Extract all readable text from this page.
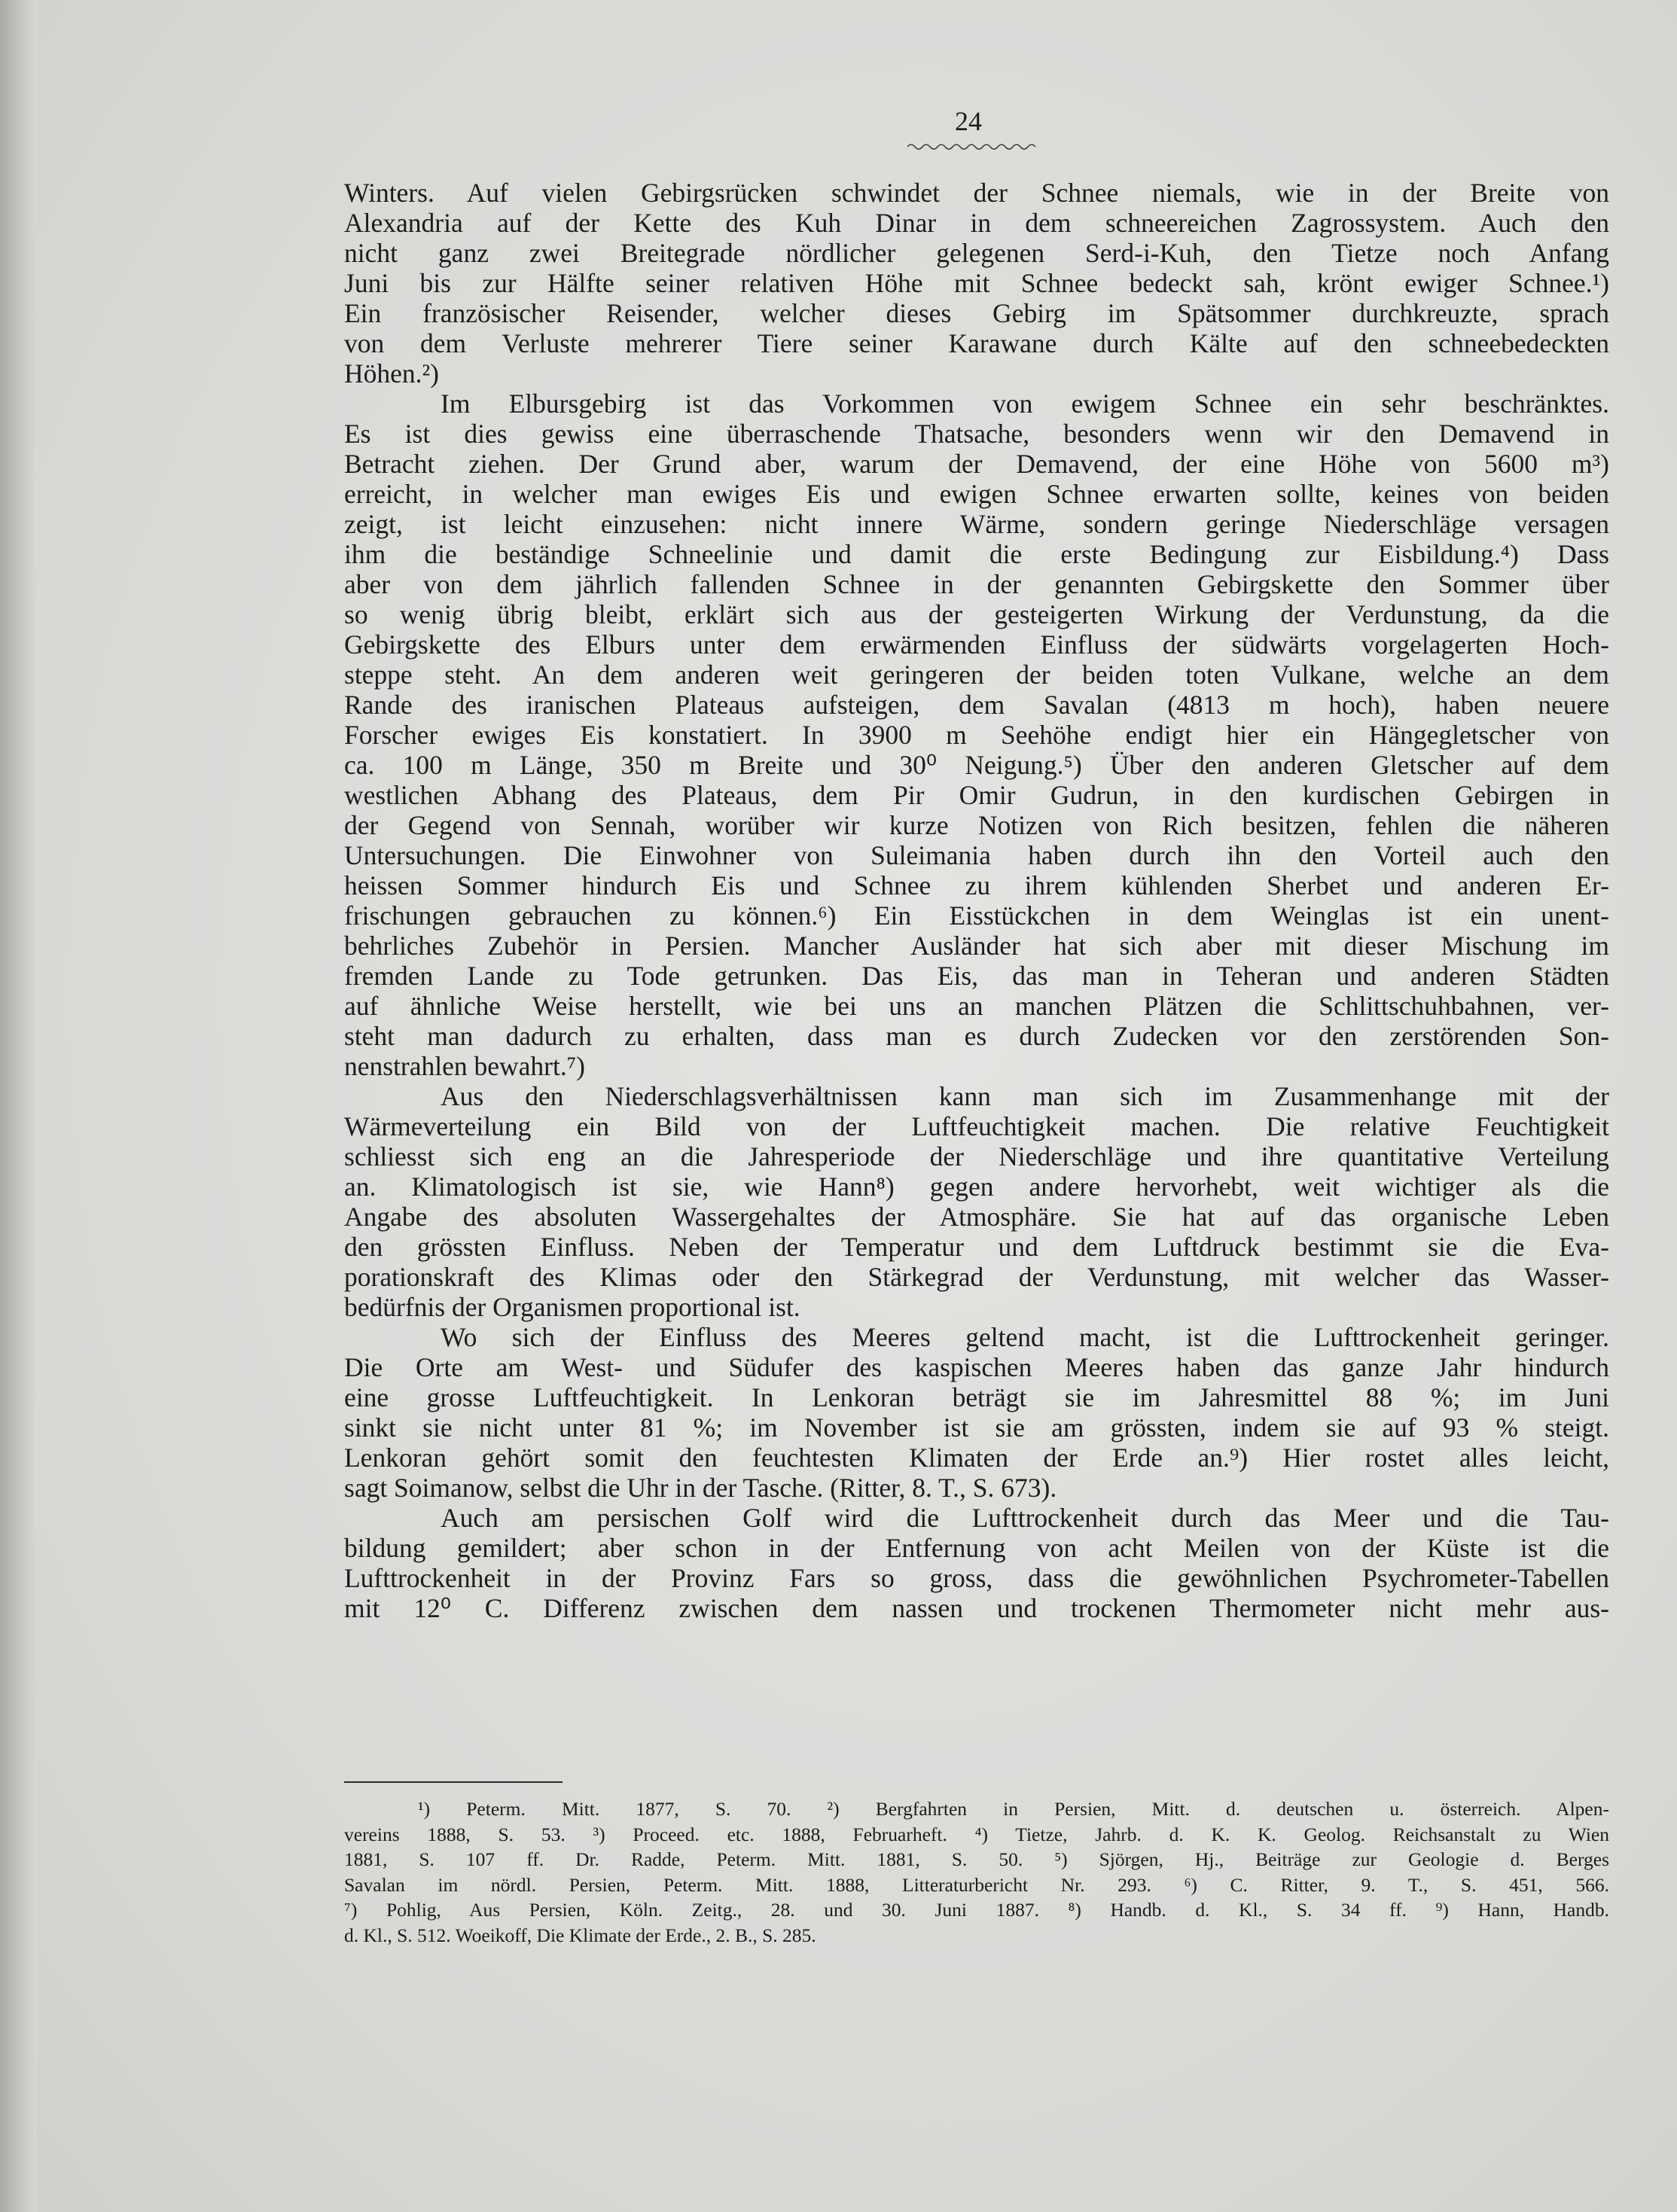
24
Winters. Auf vielen Gebirgsrücken schwindet der Schnee niemals, wie in der Breite von
Alexandria auf der Kette des Kuh Dinar in dem schneereichen Zagrossystem. Auch den
nicht ganz zwei Breitegrade nördlicher gelegenen Serd-i-Kuh, den Tietze noch Anfang
Juni bis zur Hälfte seiner relativen Höhe mit Schnee bedeckt sah, krönt ewiger Schnee.¹)
Ein französischer Reisender, welcher dieses Gebirg im Spätsommer durchkreuzte, sprach
von dem Verluste mehrerer Tiere seiner Karawane durch Kälte auf den schneebedeckten
Höhen.²)
Im Elbursgebirg ist das Vorkommen von ewigem Schnee ein sehr beschränktes.
Es ist dies gewiss eine überraschende Thatsache, besonders wenn wir den Demavend in
Betracht ziehen. Der Grund aber, warum der Demavend, der eine Höhe von 5600 m³)
erreicht, in welcher man ewiges Eis und ewigen Schnee erwarten sollte, keines von beiden
zeigt, ist leicht einzusehen: nicht innere Wärme, sondern geringe Niederschläge versagen
ihm die beständige Schneelinie und damit die erste Bedingung zur Eisbildung.⁴) Dass
aber von dem jährlich fallenden Schnee in der genannten Gebirgskette den Sommer über
so wenig übrig bleibt, erklärt sich aus der gesteigerten Wirkung der Verdunstung, da die
Gebirgskette des Elburs unter dem erwärmenden Einfluss der südwärts vorgelagerten Hoch-
steppe steht. An dem anderen weit geringeren der beiden toten Vulkane, welche an dem
Rande des iranischen Plateaus aufsteigen, dem Savalan (4813 m hoch), haben neuere
Forscher ewiges Eis konstatiert. In 3900 m Seehöhe endigt hier ein Hängegletscher von
ca. 100 m Länge, 350 m Breite und 30⁰ Neigung.⁵) Über den anderen Gletscher auf dem
westlichen Abhang des Plateaus, dem Pir Omir Gudrun, in den kurdischen Gebirgen in
der Gegend von Sennah, worüber wir kurze Notizen von Rich besitzen, fehlen die näheren
Untersuchungen. Die Einwohner von Suleimania haben durch ihn den Vorteil auch den
heissen Sommer hindurch Eis und Schnee zu ihrem kühlenden Sherbet und anderen Er-
frischungen gebrauchen zu können.⁶) Ein Eisstückchen in dem Weinglas ist ein unent-
behrliches Zubehör in Persien. Mancher Ausländer hat sich aber mit dieser Mischung im
fremden Lande zu Tode getrunken. Das Eis, das man in Teheran und anderen Städten
auf ähnliche Weise herstellt, wie bei uns an manchen Plätzen die Schlittschuhbahnen, ver-
steht man dadurch zu erhalten, dass man es durch Zudecken vor den zerstörenden Son-
nenstrahlen bewahrt.⁷)
Aus den Niederschlagsverhältnissen kann man sich im Zusammenhange mit der
Wärmeverteilung ein Bild von der Luftfeuchtigkeit machen. Die relative Feuchtigkeit
schliesst sich eng an die Jahresperiode der Niederschläge und ihre quantitative Verteilung
an. Klimatologisch ist sie, wie Hann⁸) gegen andere hervorhebt, weit wichtiger als die
Angabe des absoluten Wassergehaltes der Atmosphäre. Sie hat auf das organische Leben
den grössten Einfluss. Neben der Temperatur und dem Luftdruck bestimmt sie die Eva-
porationskraft des Klimas oder den Stärkegrad der Verdunstung, mit welcher das Wasser-
bedürfnis der Organismen proportional ist.
Wo sich der Einfluss des Meeres geltend macht, ist die Lufttrockenheit geringer.
Die Orte am West- und Südufer des kaspischen Meeres haben das ganze Jahr hindurch
eine grosse Luftfeuchtigkeit. In Lenkoran beträgt sie im Jahresmittel 88 %; im Juni
sinkt sie nicht unter 81 %; im November ist sie am grössten, indem sie auf 93 % steigt.
Lenkoran gehört somit den feuchtesten Klimaten der Erde an.⁹) Hier rostet alles leicht,
sagt Soimanow, selbst die Uhr in der Tasche. (Ritter, 8. T., S. 673).
Auch am persischen Golf wird die Lufttrockenheit durch das Meer und die Tau-
bildung gemildert; aber schon in der Entfernung von acht Meilen von der Küste ist die
Lufttrockenheit in der Provinz Fars so gross, dass die gewöhnlichen Psychrometer-Tabellen
mit 12⁰ C. Differenz zwischen dem nassen und trockenen Thermometer nicht mehr aus-
¹) Peterm. Mitt. 1877, S. 70. ²) Bergfahrten in Persien, Mitt. d. deutschen u. österreich. Alpen-
vereins 1888, S. 53. ³) Proceed. etc. 1888, Februarheft. ⁴) Tietze, Jahrb. d. K. K. Geolog. Reichsanstalt zu Wien
1881, S. 107 ff. Dr. Radde, Peterm. Mitt. 1881, S. 50. ⁵) Sjörgen, Hj., Beiträge zur Geologie d. Berges
Savalan im nördl. Persien, Peterm. Mitt. 1888, Litteraturbericht Nr. 293. ⁶) C. Ritter, 9. T., S. 451, 566.
⁷) Pohlig, Aus Persien, Köln. Zeitg., 28. und 30. Juni 1887. ⁸) Handb. d. Kl., S. 34 ff. ⁹) Hann, Handb.
d. Kl., S. 512. Woeikoff, Die Klimate der Erde., 2. B., S. 285.
